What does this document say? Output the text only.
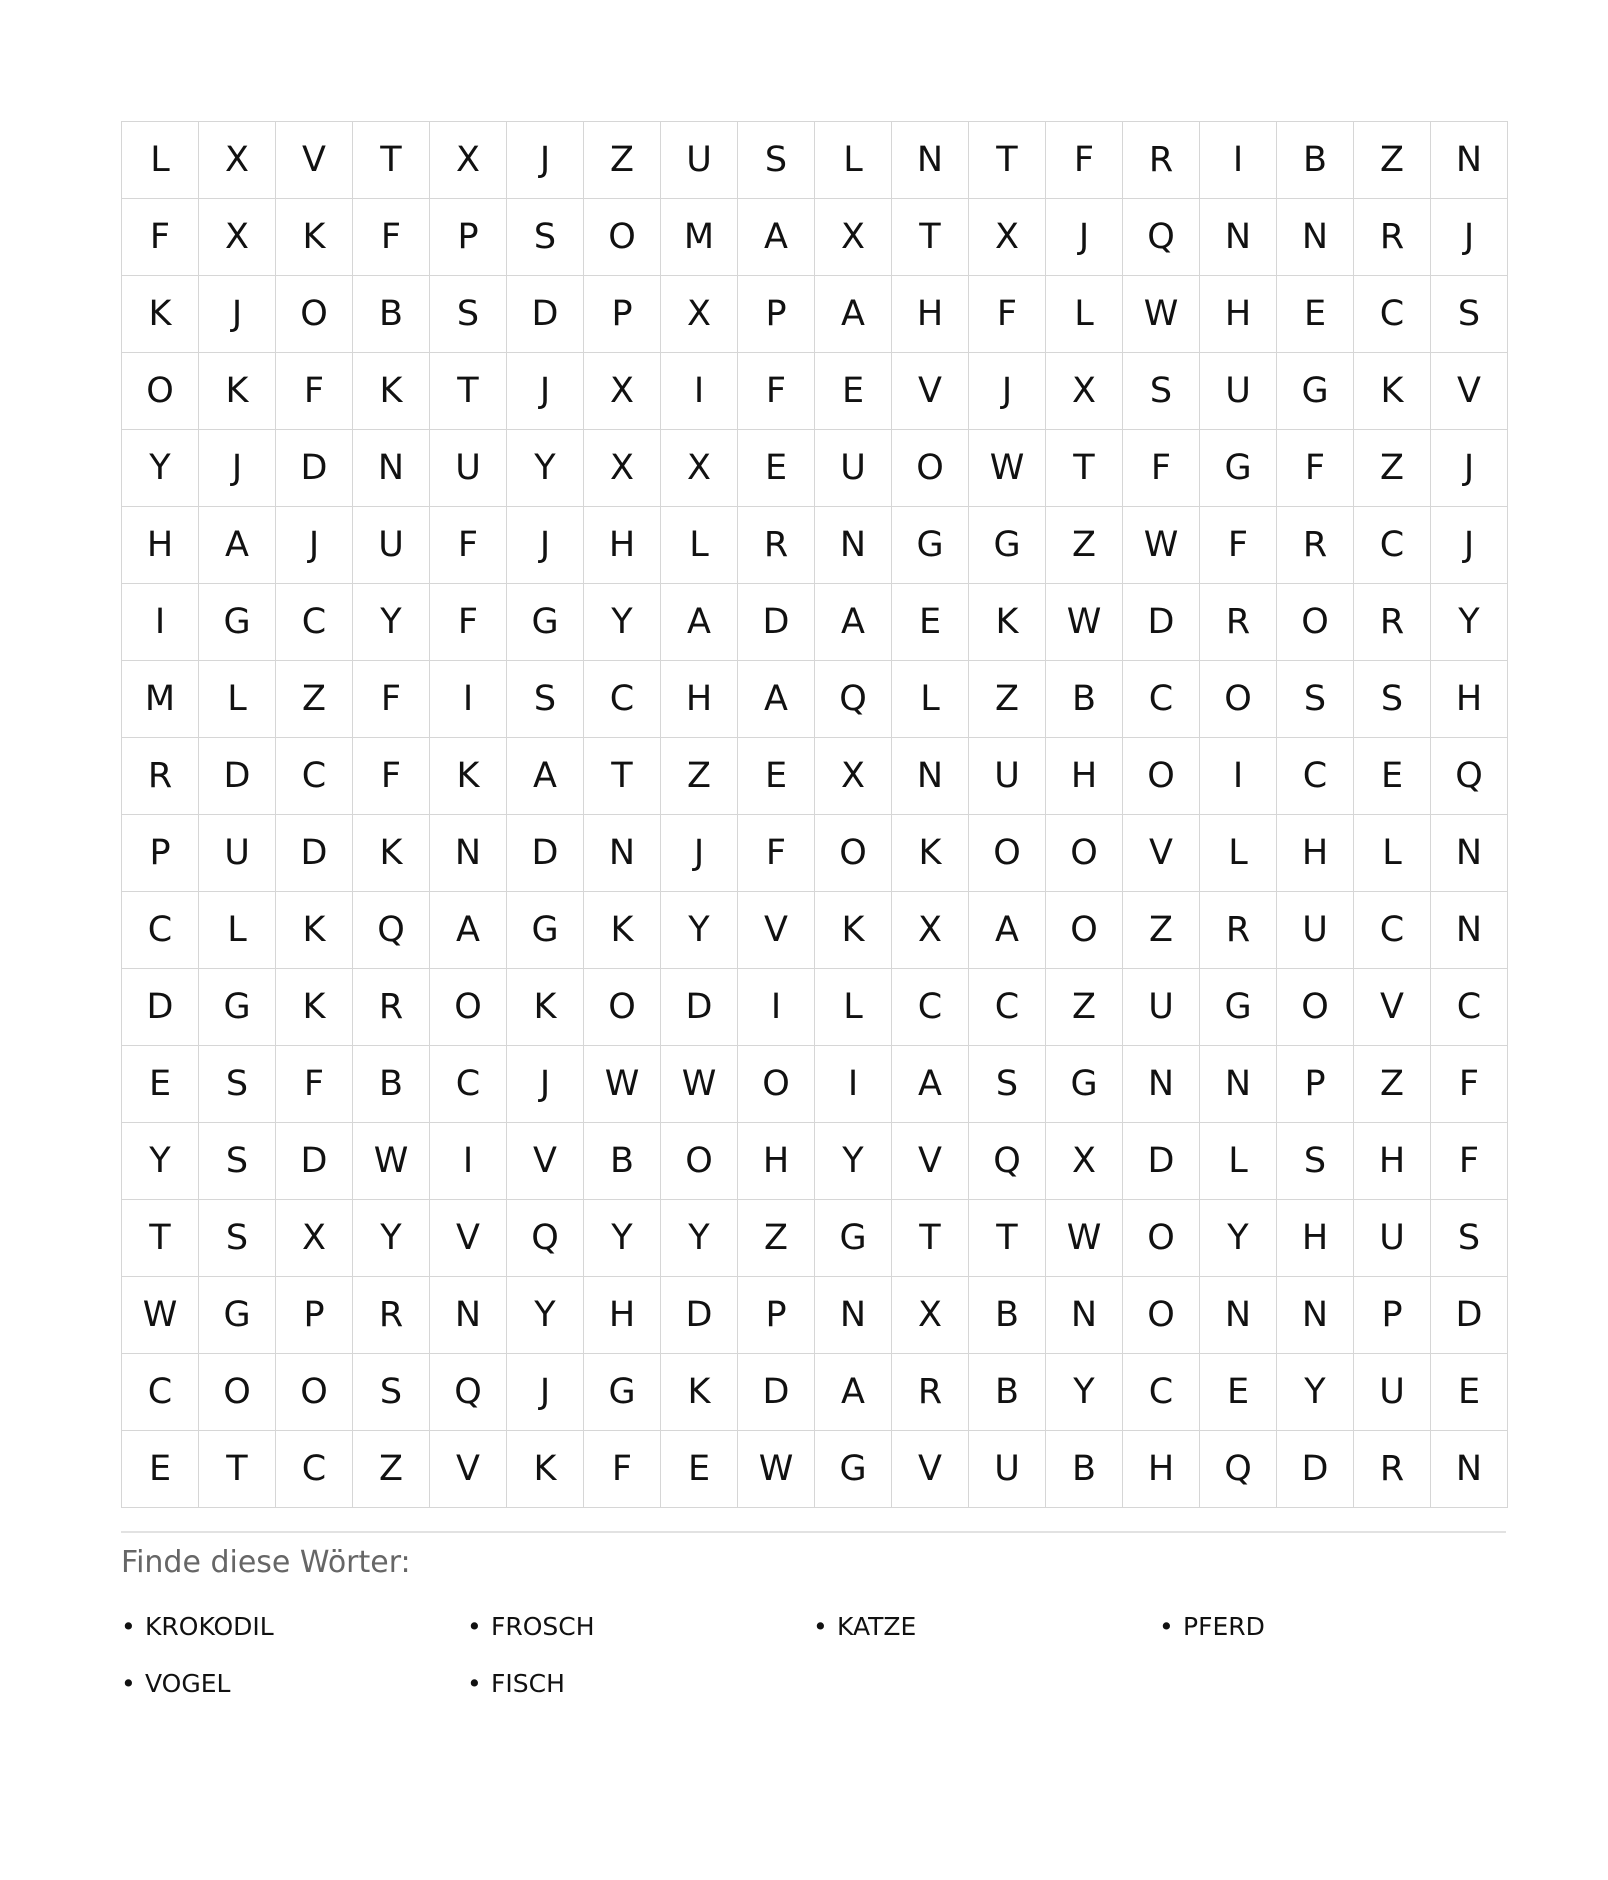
L	X	V	T	X	J	Z	U	S	L	N	T	F	R	I	B	Z	N
F	X	K	F	P	S	O	M	A	X	T	X	J	Q	N	N	R	J
K	J	O	B	S	D	P	X	P	A	H	F	L	W	H	E	C	S
O	K	F	K	T	J	X	I	F	E	V	J	X	S	U	G	K	V
Y	J	D	N	U	Y	X	X	E	U	O	W	T	F	G	F	Z	J
H	A	J	U	F	J	H	L	R	N	G	G	Z	W	F	R	C	J
I	G	C	Y	F	G	Y	A	D	A	E	K	W	D	R	O	R	Y
M	L	Z	F	I	S	C	H	A	Q	L	Z	B	C	O	S	S	H
R	D	C	F	K	A	T	Z	E	X	N	U	H	O	I	C	E	Q
P	U	D	K	N	D	N	J	F	O	K	O	O	V	L	H	L	N
C	L	K	Q	A	G	K	Y	V	K	X	A	O	Z	R	U	C	N
D	G	K	R	O	K	O	D	I	L	C	C	Z	U	G	O	V	C
E	S	F	B	C	J	W	W	O	I	A	S	G	N	N	P	Z	F
Y	S	D	W	I	V	B	O	H	Y	V	Q	X	D	L	S	H	F
T	S	X	Y	V	Q	Y	Y	Z	G	T	T	W	O	Y	H	U	S
W	G	P	R	N	Y	H	D	P	N	X	B	N	O	N	N	P	D
C	O	O	S	Q	J	G	K	D	A	R	B	Y	C	E	Y	U	E
E	T	C	Z	V	K	F	E	W	G	V	U	B	H	Q	D	R	N
Finde diese Wörter:
• KROKODIL	• FROSCH	• KATZE	• PFERD
• VOGEL	• FISCH
